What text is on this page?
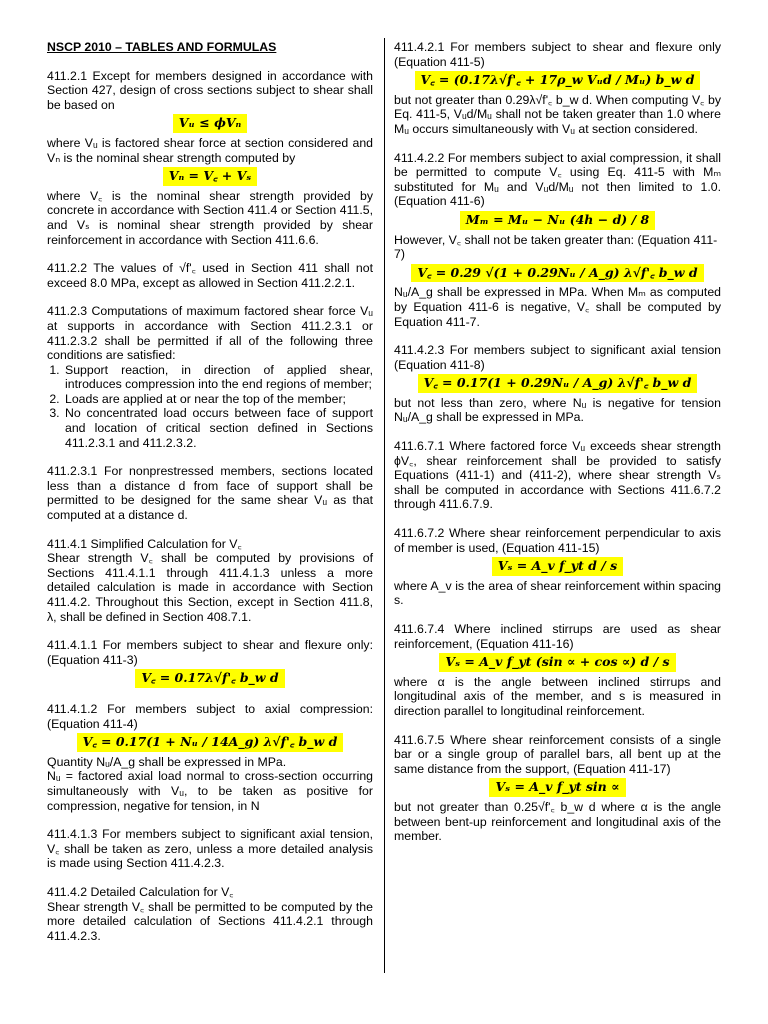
NSCP 2010 – TABLES AND FORMULAS

411.2.1 Except for members designed in accordance with Section 427, design of cross sections subject to shear shall be based on

Vᵤ ≤ ϕVₙ

where Vᵤ is factored shear force at section considered and Vₙ is the nominal shear strength computed by

Vₙ = V꜀ + Vₛ

where V꜀ is the nominal shear strength provided by concrete in accordance with Section 411.4 or Section 411.5, and Vₛ is nominal shear strength provided by shear reinforcement in accordance with Section 411.6.6.

411.2.2 The values of √f'꜀ used in Section 411 shall not exceed 8.0 MPa, except as allowed in Section 411.2.2.1.

411.2.3 Computations of maximum factored shear force Vᵤ at supports in accordance with Section 411.2.3.1 or 411.2.3.2 shall be permitted if all of the following three conditions are satisfied:

1. Support reaction, in direction of applied shear, introduces compression into the end regions of member;
2. Loads are applied at or near the top of the member;
3. No concentrated load occurs between face of support and location of critical section defined in Sections 411.2.3.1 and 411.2.3.2.

411.2.3.1 For nonprestressed members, sections located less than a distance d from face of support shall be permitted to be designed for the same shear Vᵤ as that computed at a distance d.

411.4.1 Simplified Calculation for V꜀

Shear strength V꜀ shall be computed by provisions of Sections 411.4.1.1 through 411.4.1.3 unless a more detailed calculation is made in accordance with Section 411.4.2. Throughout this Section, except in Section 411.8, λ, shall be defined in Section 408.7.1.

411.4.1.1 For members subject to shear and flexure only: (Equation 411-3)

V꜀ = 0.17λ√f'꜀ b_w d

411.4.1.2 For members subject to axial compression: (Equation 411-4)

V꜀ = 0.17(1 + Nᵤ / 14A_g) λ√f'꜀ b_w d
Quantity Nᵤ/A_g shall be expressed in MPa.

Nᵤ = factored axial load normal to cross-section occurring simultaneously with Vᵤ, to be taken as positive for compression, negative for tension, in N

411.4.1.3 For members subject to significant axial tension, V꜀ shall be taken as zero, unless a more detailed analysis is made using Section 411.4.2.3.

411.4.2 Detailed Calculation for V꜀

Shear strength V꜀ shall be permitted to be computed by the more detailed calculation of Sections 411.4.2.1 through 411.4.2.3.

411.4.2.1 For members subject to shear and flexure only (Equation 411-5)

V꜀ = (0.17λ√f'꜀ + 17ρ_w Vᵤd / Mᵤ) b_w d

but not greater than 0.29λ√f'꜀ b_w d. When computing V꜀ by Eq. 411-5, Vᵤd/Mᵤ shall not be taken greater than 1.0 where Mᵤ occurs simultaneously with Vᵤ at section considered.

411.4.2.2 For members subject to axial compression, it shall be permitted to compute V꜀ using Eq. 411-5 with Mₘ substituted for Mᵤ and Vᵤd/Mᵤ not then limited to 1.0. (Equation 411-6)

Mₘ = Mᵤ − Nᵤ (4h − d) / 8
However, V꜀ shall not be taken greater than: (Equation 411-7)
V꜀ = 0.29 √(1 + 0.29Nᵤ / A_g) λ√f'꜀ b_w d

Nᵤ/A_g shall be expressed in MPa. When Mₘ as computed by Equation 411-6 is negative, V꜀ shall be computed by Equation 411-7.

411.4.2.3 For members subject to significant axial tension (Equation 411-8)

V꜀ = 0.17(1 + 0.29Nᵤ / A_g) λ√f'꜀ b_w d

but not less than zero, where Nᵤ is negative for tension Nᵤ/A_g shall be expressed in MPa.

411.6.7.1 Where factored force Vᵤ exceeds shear strength ϕV꜀, shear reinforcement shall be provided to satisfy Equations (411-1) and (411-2), where shear strength Vₛ shall be computed in accordance with Sections 411.6.7.2 through 411.6.7.9.

411.6.7.2 Where shear reinforcement perpendicular to axis of member is used, (Equation 411-15)

Vₛ = A_v f_yt d / s

where A_v is the area of shear reinforcement within spacing s.

411.6.7.4 Where inclined stirrups are used as shear reinforcement, (Equation 411-16)

Vₛ = A_v f_yt (sin ∝ + cos ∝) d / s

where α is the angle between inclined stirrups and longitudinal axis of the member, and s is measured in direction parallel to longitudinal reinforcement.

411.6.7.5 Where shear reinforcement consists of a single bar or a single group of parallel bars, all bent up at the same distance from the support, (Equation 411-17)

Vₛ = A_v f_yt sin ∝

but not greater than 0.25√f'꜀ b_w d where α is the angle between bent-up reinforcement and longitudinal axis of the member.
